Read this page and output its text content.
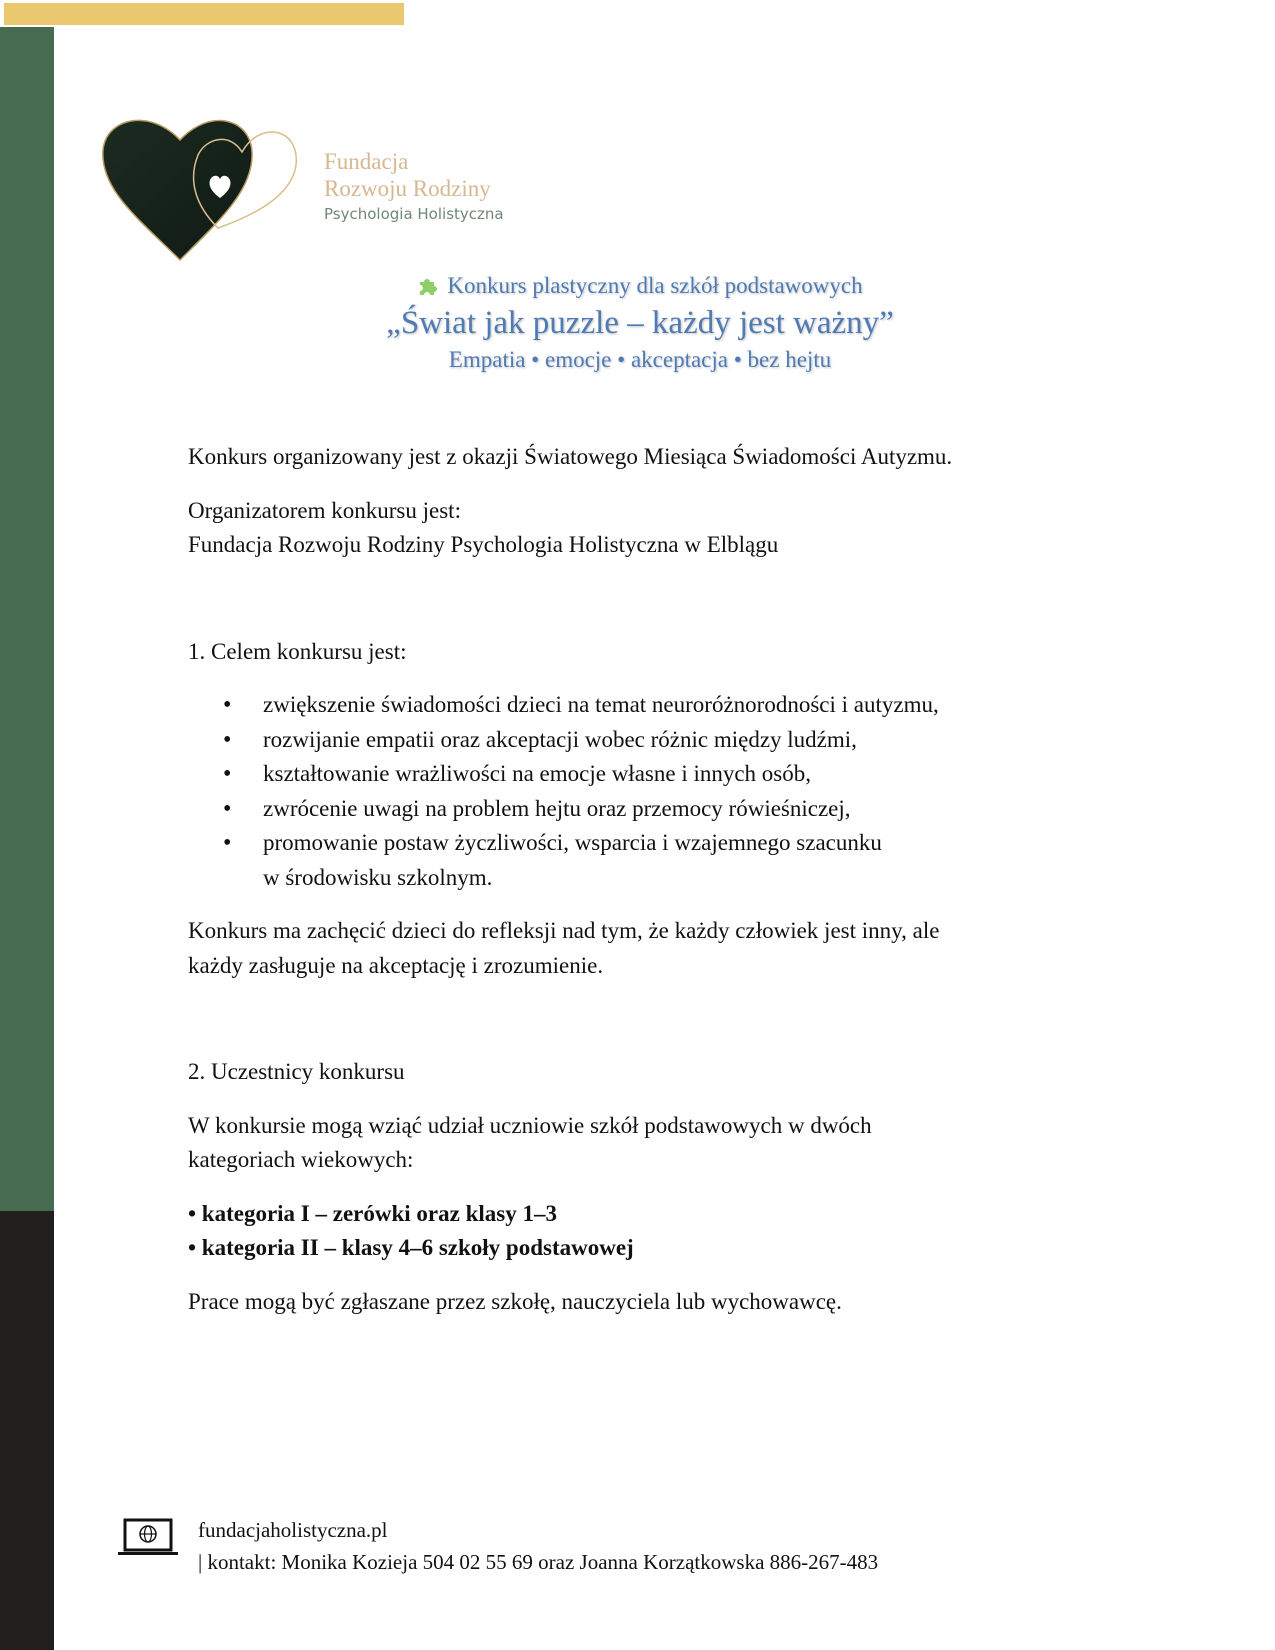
Fundacja
Rozwoju Rodziny
Psychologia Holistyczna
Konkurs plastyczny dla szkół podstawowych
„Świat jak puzzle – każdy jest ważny”
Empatia • emocje • akceptacja • bez hejtu

Konkurs organizowany jest z okazji Światowego Miesiąca Świadomości Autyzmu.

Organizatorem konkursu jest:

Fundacja Rozwoju Rodziny Psychologia Holistyczna w Elblągu

1. Celem konkursu jest:

• zwiększenie świadomości dzieci na temat neuroróżnorodności i autyzmu,
• rozwijanie empatii oraz akceptacji wobec różnic między ludźmi,
• kształtowanie wrażliwości na emocje własne i innych osób,
• zwrócenie uwagi na problem hejtu oraz przemocy rówieśniczej,
• promowanie postaw życzliwości, wsparcia i wzajemnego szacunku

w środowisku szkolnym.

Konkurs ma zachęcić dzieci do refleksji nad tym, że każdy człowiek jest inny, ale

każdy zasługuje na akceptację i zrozumienie.

2. Uczestnicy konkursu

W konkursie mogą wziąć udział uczniowie szkół podstawowych w dwóch

kategoriach wiekowych:

• kategoria I – zerówki oraz klasy 1–3

• kategoria II – klasy 4–6 szkoły podstawowej

Prace mogą być zgłaszane przez szkołę, nauczyciela lub wychowawcę.

fundacjaholistyczna.pl
| kontakt: Monika Kozieja 504 02 55 69 oraz Joanna Korzątkowska 886-267-483
